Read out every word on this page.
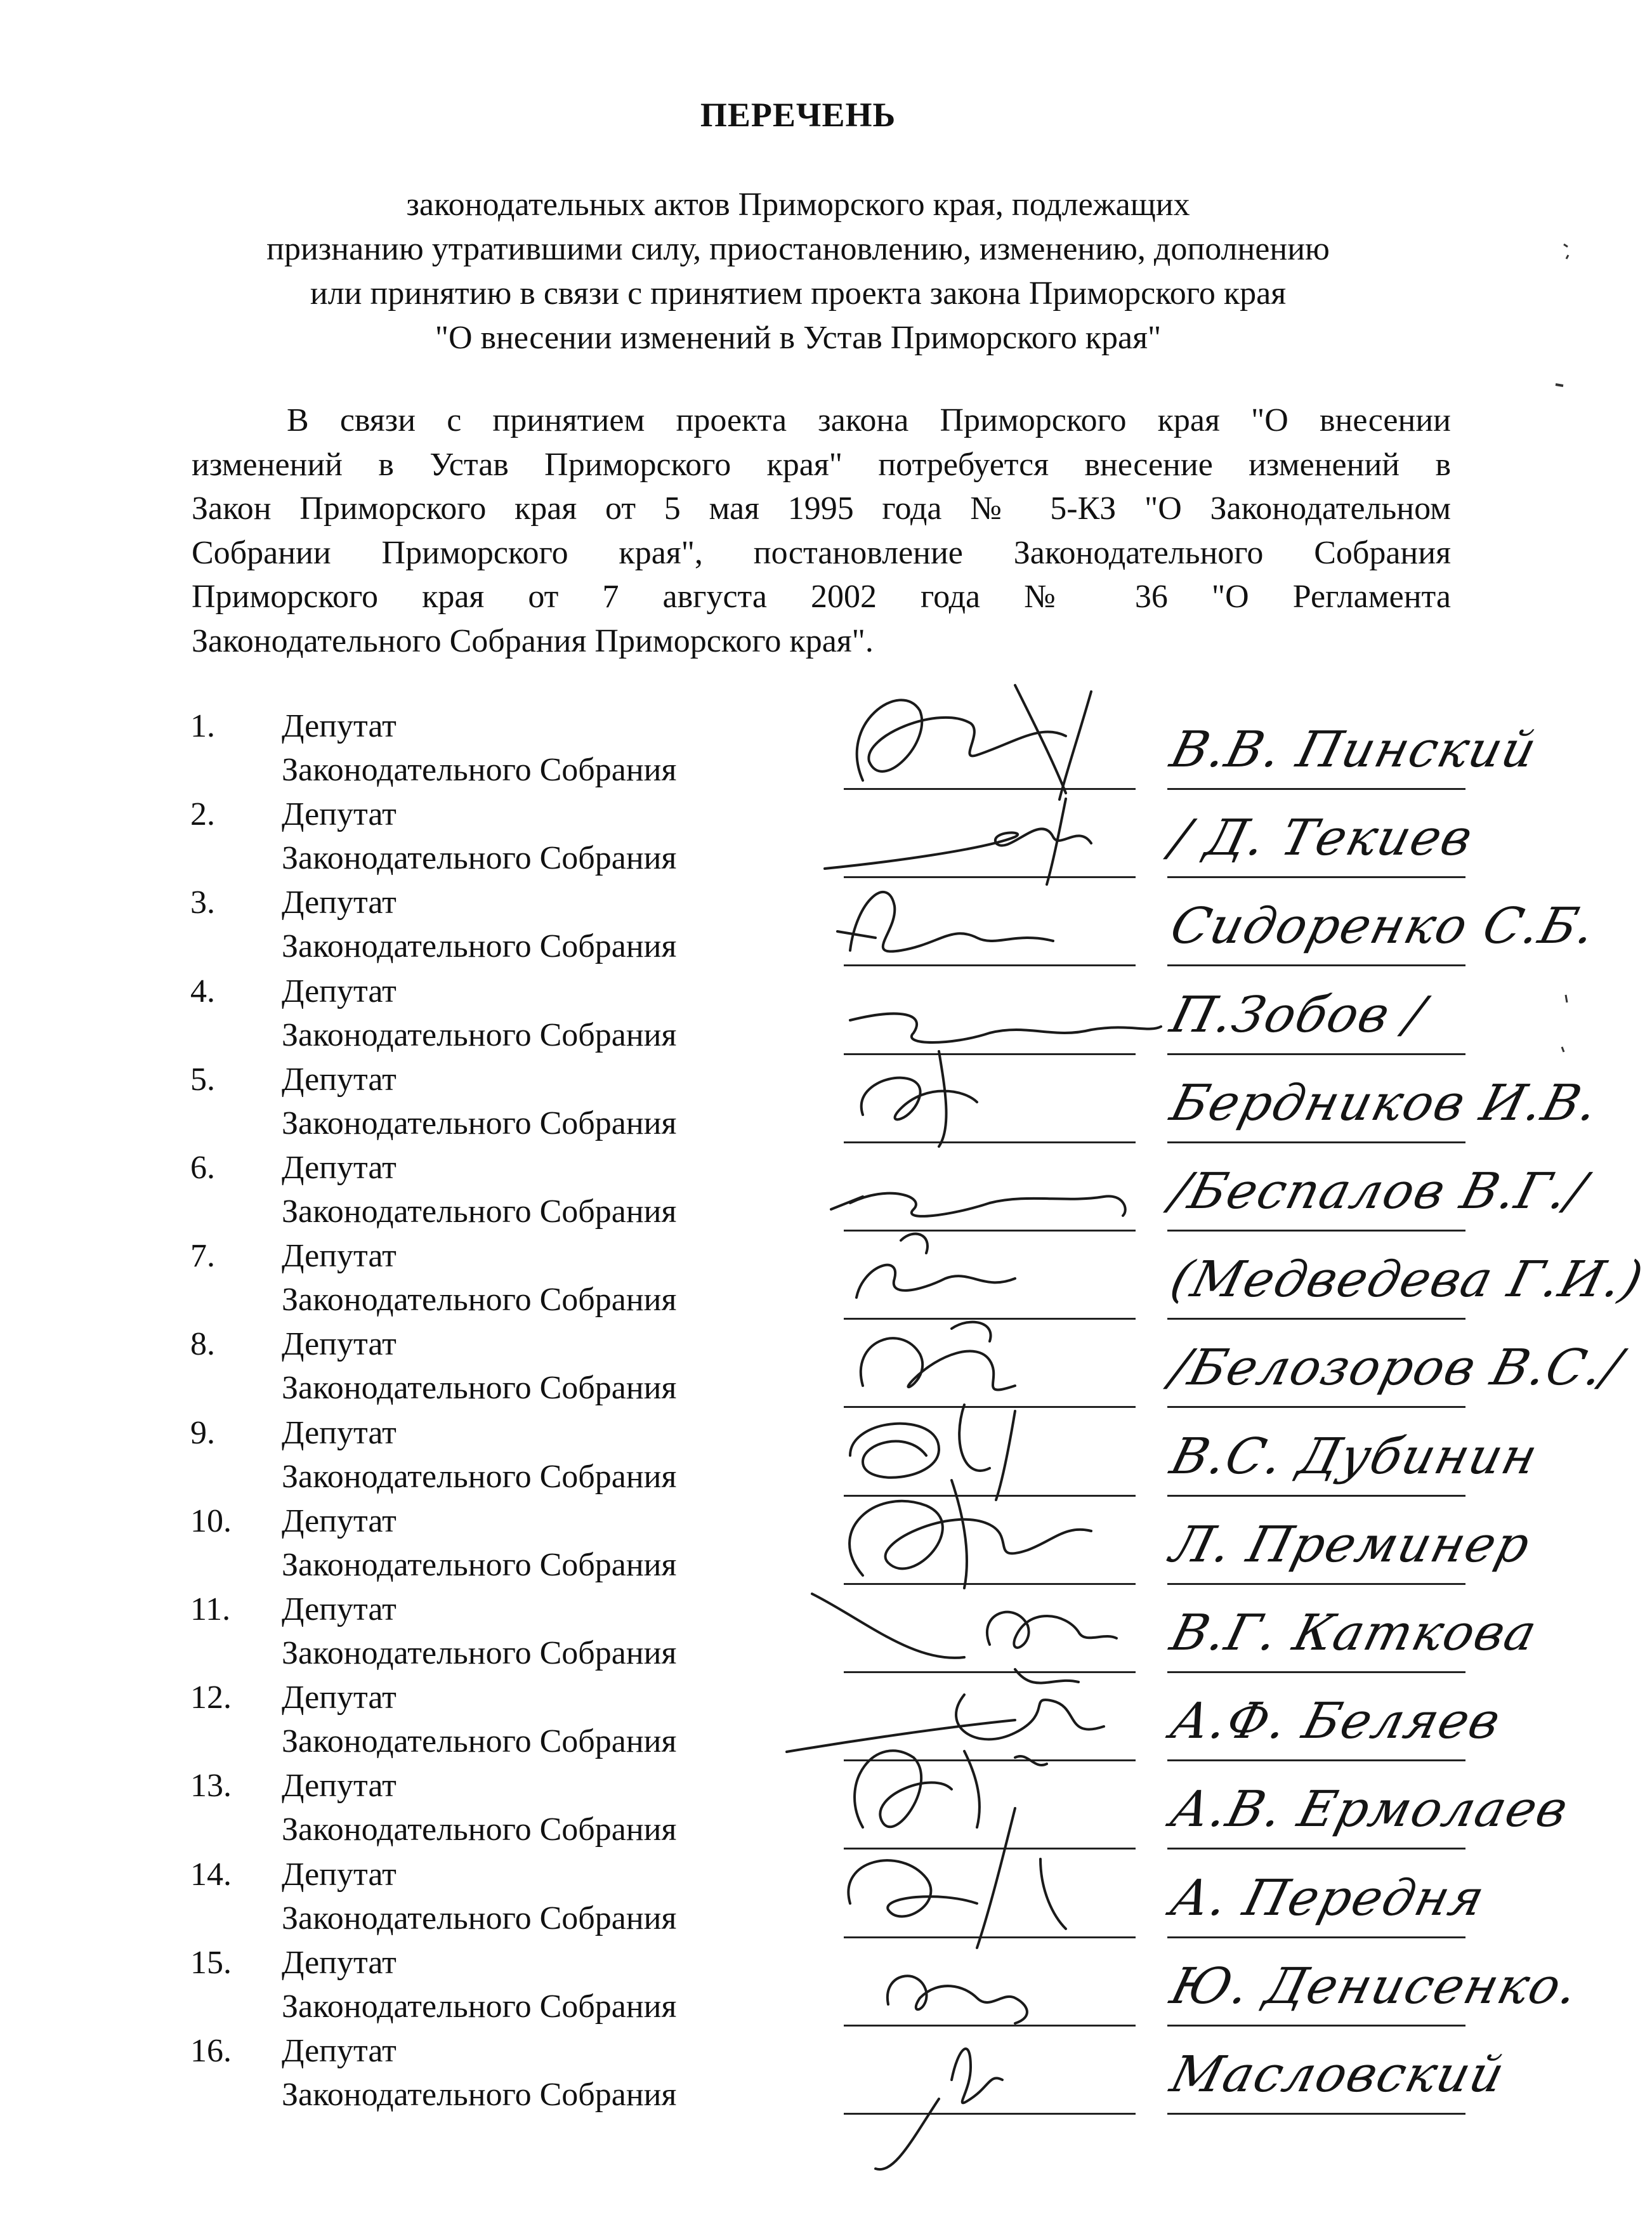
ПЕРЕЧЕНЬ
законодательных актов Приморского края, подлежащих
признанию утратившими силу, приостановлению, изменению, дополнению
или принятию в связи с принятием проекта закона Приморского края
"О внесении изменений в Устав Приморского края"
В связи с принятием проекта закона Приморского края "О внесении
изменений в Устав Приморского края" потребуется внесение изменений в
Закон Приморского края от 5 мая 1995 года № 5-КЗ "О Законодательном
Собрании Приморского края", постановление Законодательного Собрания
Приморского края от 7 августа 2002 года № 36 "О Регламента
Законодательного Собрания Приморского края".
1. Депутат
Законодательного Собрания	В.В. Пинский
2. Депутат
Законодательного Собрания	/ Д. Текиев
3. Депутат
Законодательного Собрания	Сидоренко С.Б.
4. Депутат
Законодательного Собрания	П.Зобов /
5. Депутат
Законодательного Собрания	Бердников И.В.
6. Депутат
Законодательного Собрания	/Беспалов В.Г./
7. Депутат
Законодательного Собрания	(Медведева Г.И.)
8. Депутат
Законодательного Собрания	/Белозоров В.С./
9. Депутат
Законодательного Собрания	В.С. Дубинин
10. Депутат
Законодательного Собрания	Л. Преминер
11. Депутат
Законодательного Собрания	В.Г. Каткова
12. Депутат
Законодательного Собрания	А.Ф. Беляев
13. Депутат
Законодательного Собрания	А.В. Ермолаев
14. Депутат
Законодательного Собрания	А. Передня
15. Депутат
Законодательного Собрания	Ю. Денисенко.
16. Депутат
Законодательного Собрания	Масловский
